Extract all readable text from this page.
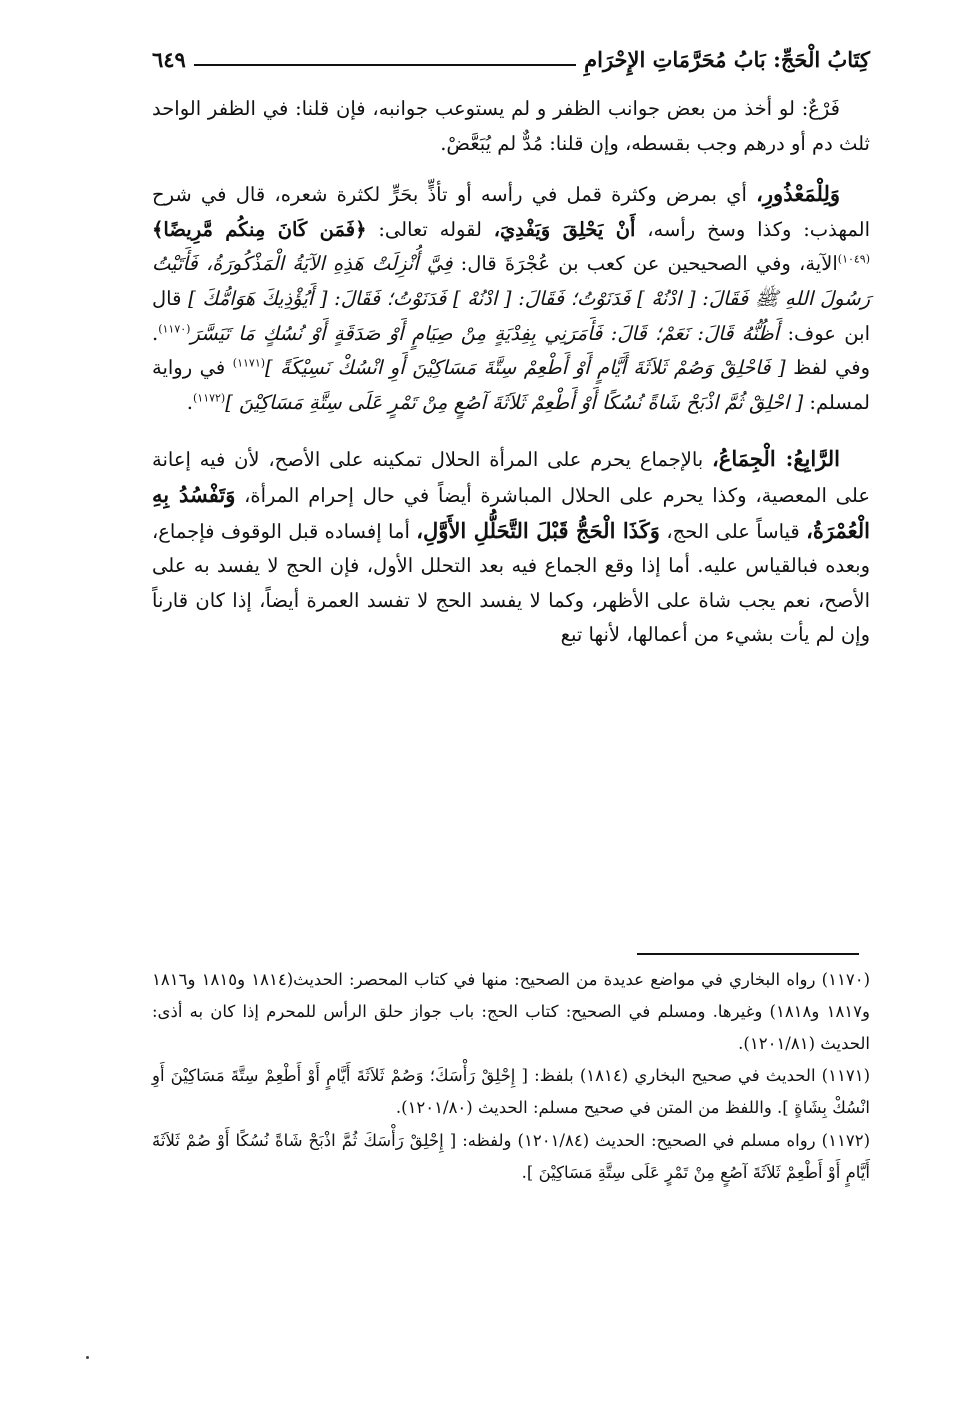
كِتَابُ الْحَجِّ: بَابُ مُحَرَّمَاتِ الإِحْرَامِ
٦٤٩

فَرْعٌ: لو أخذ من بعض جوانب الظفر و لم يستوعب جوانبه، فإن قلنا: في الظفر الواحد ثلث دم أو درهم وجب بقسطه، وإن قلنا: مُدٌّ لم يُبَعَّضْ.

وَلِلْمَعْذُورِ، أي بمرض وكثرة قمل في رأسه أو تأذٍّ بحَرٍّ لكثرة شعره، قال في شرح المهذب: وكذا وسخ رأسه، أَنْ يَحْلِقَ وَيَفْدِيَ، لقوله تعالى: ﴿فَمَن كَانَ مِنكُم مَّرِيضًا﴾$^{(١٠٤٩)}$الآية، وفي الصحيحين عن كعب بن عُجْرَةَ قال: فِيَّ أُنْزِلَتْ هَذِهِ الآيَةُ الْمَذْكُورَةُ، فَأَتَيْتُ رَسُولَ اللهِ ﷺ فَقَالَ: [ ادْنُهْ ] فَدَنَوْتُ؛ فَقَالَ: [ ادْنُهْ ] فَدَنَوْتُ؛ فَقَالَ: [ أَيُؤْذِيكَ هَوَامُّكَ ] قال ابن عوف: أَظُنُّهُ قَالَ: نَعَمْ؛ قَالَ: فَأَمَرَنِي بِفِدْيَةٍ مِنْ صِيَامٍ أَوْ صَدَقَةٍ أَوْ نُسُكٍ مَا تَيَسَّرَ$^{(١١٧٠)}$. وفي لفظ [ فَاحْلِقْ وَصُمْ ثَلاَثَةَ أَيَّامٍ أَوْ أَطْعِمْ سِتَّةَ مَسَاكِيْنَ أَوِ انْسُكْ نَسِيْكَةً ]$^{(١١٧١)}$ في رواية لمسلم: [ احْلِقْ ثُمَّ اذْبَحْ شَاةً نُسُكًا أَوْ أَطْعِمْ ثَلاَثَةَ آصُعٍ مِنْ تَمْرٍ عَلَى سِتَّةِ مَسَاكِيْنَ ]$^{(١١٧٢)}$.

الرَّابِعُ: الْجِمَاعُ، بالإجماع يحرم على المرأة الحلال تمكينه على الأصح، لأن فيه إعانة على المعصية، وكذا يحرم على الحلال المباشرة أيضاً في حال إحرام المرأة، وَتَفْسُدُ بِهِ الْعُمْرَةُ، قياساً على الحج، وَكَذَا الْحَجُّ قَبْلَ التَّحَلُّلِ الأَوَّلِ، أما إفساده قبل الوقوف فإجماع، وبعده فبالقياس عليه. أما إذا وقع الجماع فيه بعد التحلل الأول، فإن الحج لا يفسد به على الأصح، نعم يجب شاة على الأظهر، وكما لا يفسد الحج لا تفسد العمرة أيضاً، إذا كان قارناً وإن لم يأت بشيء من أعمالها، لأنها تبع

(١١٧٠) رواه البخاري في مواضع عديدة من الصحيح: منها في كتاب المحصر: الحديث(١٨١٤ و١٨١٥ و١٨١٦ و١٨١٧ و١٨١٨) وغيرها. ومسلم في الصحيح: كتاب الحج: باب جواز حلق الرأس للمحرم إذا كان به أذى: الحديث (١٢٠١/٨١).

(١١٧١) الحديث في صحيح البخاري (١٨١٤) بلفظ: [ إِحْلِقْ رَأْسَكَ؛ وَصُمْ ثَلاَثَةَ أَيَّامٍ أَوْ أَطْعِمْ سِتَّةَ مَسَاكِيْنَ أَوِ انْسُكْ بِشَاةٍ ]. واللفظ من المتن في صحيح مسلم: الحديث (١٢٠١/٨٠).

(١١٧٢) رواه مسلم في الصحيح: الحديث (١٢٠١/٨٤) ولفظه: [ إِحْلِقْ رَأْسَكَ ثُمَّ اذْبَحْ شَاةً نُسُكًا أَوْ صُمْ ثَلاَثَةَ أَيَّامٍ أَوْ أَطْعِمْ ثَلاَثَةَ آصُعٍ مِنْ تَمْرٍ عَلَى سِتَّةِ مَسَاكِيْنَ ].
